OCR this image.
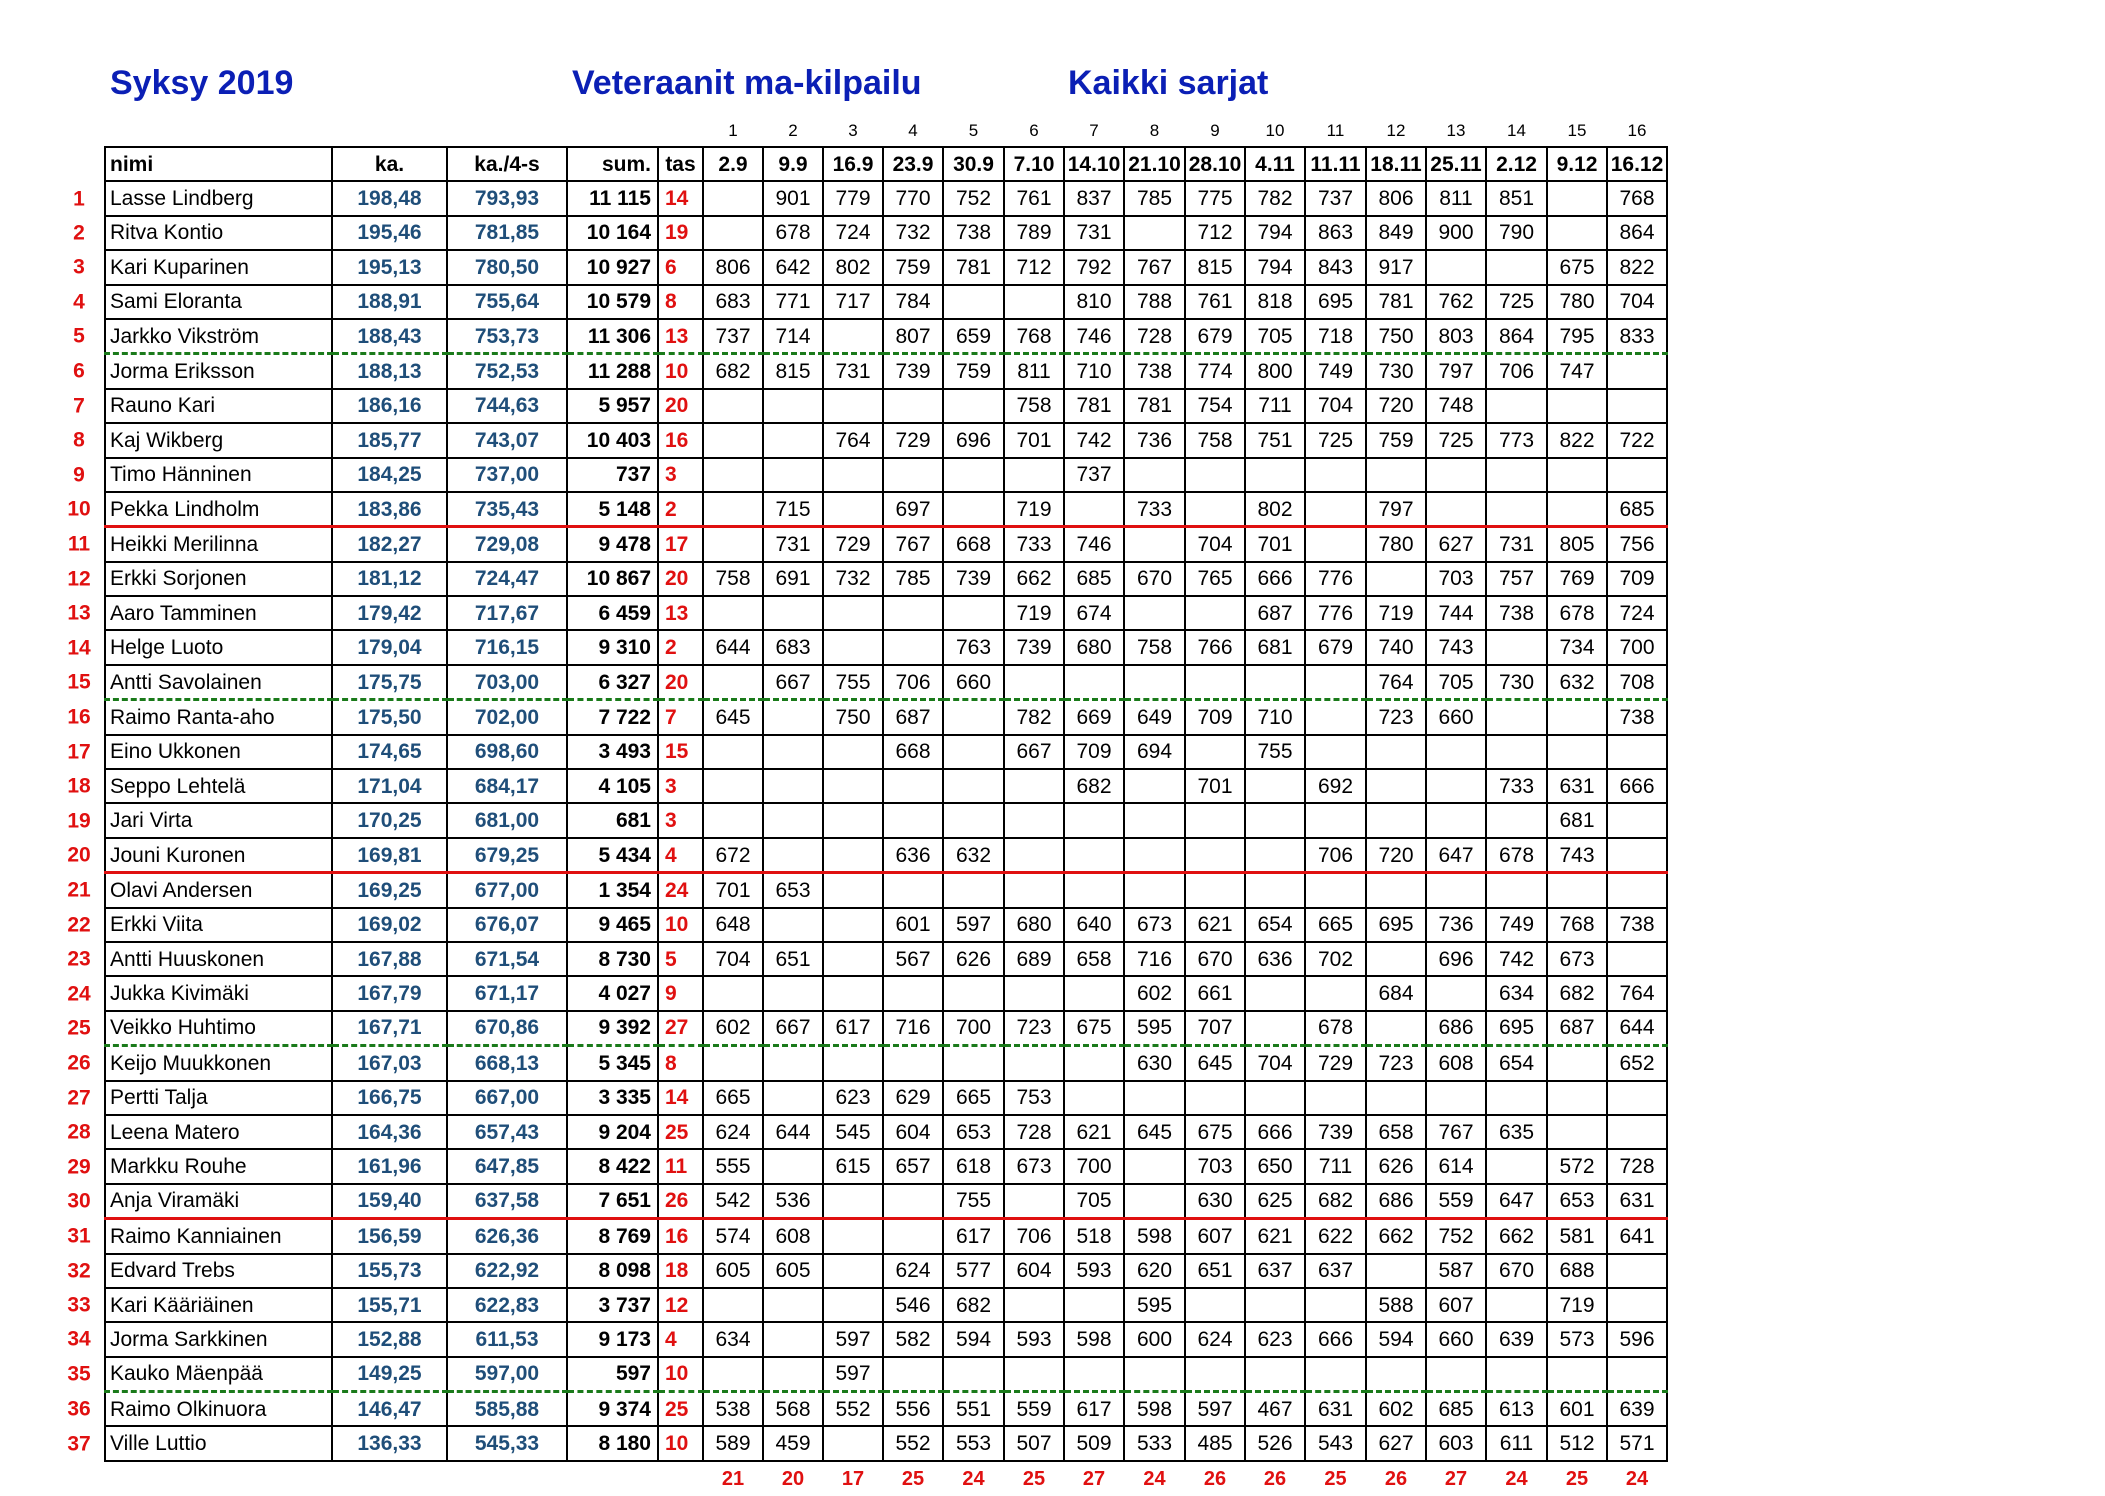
Syksy 2019	Veteraanit ma-kilpailu	Kaikki sarjat
						1	2	3	4	5	6	7	8	9	10	11	12	13	14	15	16

	nimi	ka.	ka./4-s	sum.	tas	2.9	9.9	16.9	23.9	30.9	7.10	14.10	21.10	28.10	4.11	11.11	18.11	25.11	2.12	9.12	16.12

1	Lasse Lindberg	198,48	793,93	11 115	14		901	779	770	752	761	837	785	775	782	737	806	811	851		768

2	Ritva Kontio	195,46	781,85	10 164	19		678	724	732	738	789	731		712	794	863	849	900	790		864

3	Kari Kuparinen	195,13	780,50	10 927	6	806	642	802	759	781	712	792	767	815	794	843	917			675	822

4	Sami Eloranta	188,91	755,64	10 579	8	683	771	717	784			810	788	761	818	695	781	762	725	780	704

5	Jarkko Vikström	188,43	753,73	11 306	13	737	714		807	659	768	746	728	679	705	718	750	803	864	795	833

6	Jorma Eriksson	188,13	752,53	11 288	10	682	815	731	739	759	811	710	738	774	800	749	730	797	706	747	

7	Rauno Kari	186,16	744,63	5 957	20						758	781	781	754	711	704	720	748			

8	Kaj Wikberg	185,77	743,07	10 403	16			764	729	696	701	742	736	758	751	725	759	725	773	822	722

9	Timo Hänninen	184,25	737,00	737	3							737									

10	Pekka Lindholm	183,86	735,43	5 148	2		715		697		719		733		802		797				685

11	Heikki Merilinna	182,27	729,08	9 478	17		731	729	767	668	733	746		704	701		780	627	731	805	756

12	Erkki Sorjonen	181,12	724,47	10 867	20	758	691	732	785	739	662	685	670	765	666	776		703	757	769	709

13	Aaro Tamminen	179,42	717,67	6 459	13						719	674			687	776	719	744	738	678	724

14	Helge Luoto	179,04	716,15	9 310	2	644	683			763	739	680	758	766	681	679	740	743		734	700

15	Antti Savolainen	175,75	703,00	6 327	20		667	755	706	660							764	705	730	632	708

16	Raimo Ranta-aho	175,50	702,00	7 722	7	645		750	687		782	669	649	709	710		723	660			738

17	Eino Ukkonen	174,65	698,60	3 493	15				668		667	709	694		755						

18	Seppo Lehtelä	171,04	684,17	4 105	3							682		701		692			733	631	666

19	Jari Virta	170,25	681,00	681	3															681	

20	Jouni Kuronen	169,81	679,25	5 434	4	672			636	632						706	720	647	678	743	

21	Olavi Andersen	169,25	677,00	1 354	24	701	653														

22	Erkki Viita	169,02	676,07	9 465	10	648			601	597	680	640	673	621	654	665	695	736	749	768	738

23	Antti Huuskonen	167,88	671,54	8 730	5	704	651		567	626	689	658	716	670	636	702		696	742	673	

24	Jukka Kivimäki	167,79	671,17	4 027	9								602	661			684		634	682	764

25	Veikko Huhtimo	167,71	670,86	9 392	27	602	667	617	716	700	723	675	595	707		678		686	695	687	644

26	Keijo Muukkonen	167,03	668,13	5 345	8								630	645	704	729	723	608	654		652

27	Pertti Talja	166,75	667,00	3 335	14	665		623	629	665	753										

28	Leena Matero	164,36	657,43	9 204	25	624	644	545	604	653	728	621	645	675	666	739	658	767	635		

29	Markku Rouhe	161,96	647,85	8 422	11	555		615	657	618	673	700		703	650	711	626	614		572	728

30	Anja Viramäki	159,40	637,58	7 651	26	542	536			755		705		630	625	682	686	559	647	653	631

31	Raimo Kanniainen	156,59	626,36	8 769	16	574	608			617	706	518	598	607	621	622	662	752	662	581	641

32	Edvard Trebs	155,73	622,92	8 098	18	605	605		624	577	604	593	620	651	637	637		587	670	688	

33	Kari Kääriäinen	155,71	622,83	3 737	12				546	682			595				588	607		719	

34	Jorma Sarkkinen	152,88	611,53	9 173	4	634		597	582	594	593	598	600	624	623	666	594	660	639	573	596

35	Kauko Mäenpää	149,25	597,00	597	10			597													

36	Raimo Olkinuora	146,47	585,88	9 374	25	538	568	552	556	551	559	617	598	597	467	631	602	685	613	601	639

37	Ville Luttio	136,33	545,33	8 180	10	589	459		552	553	507	509	533	485	526	543	627	603	611	512	571

						21	20	17	25	24	25	27	24	26	26	25	26	27	24	25	24
